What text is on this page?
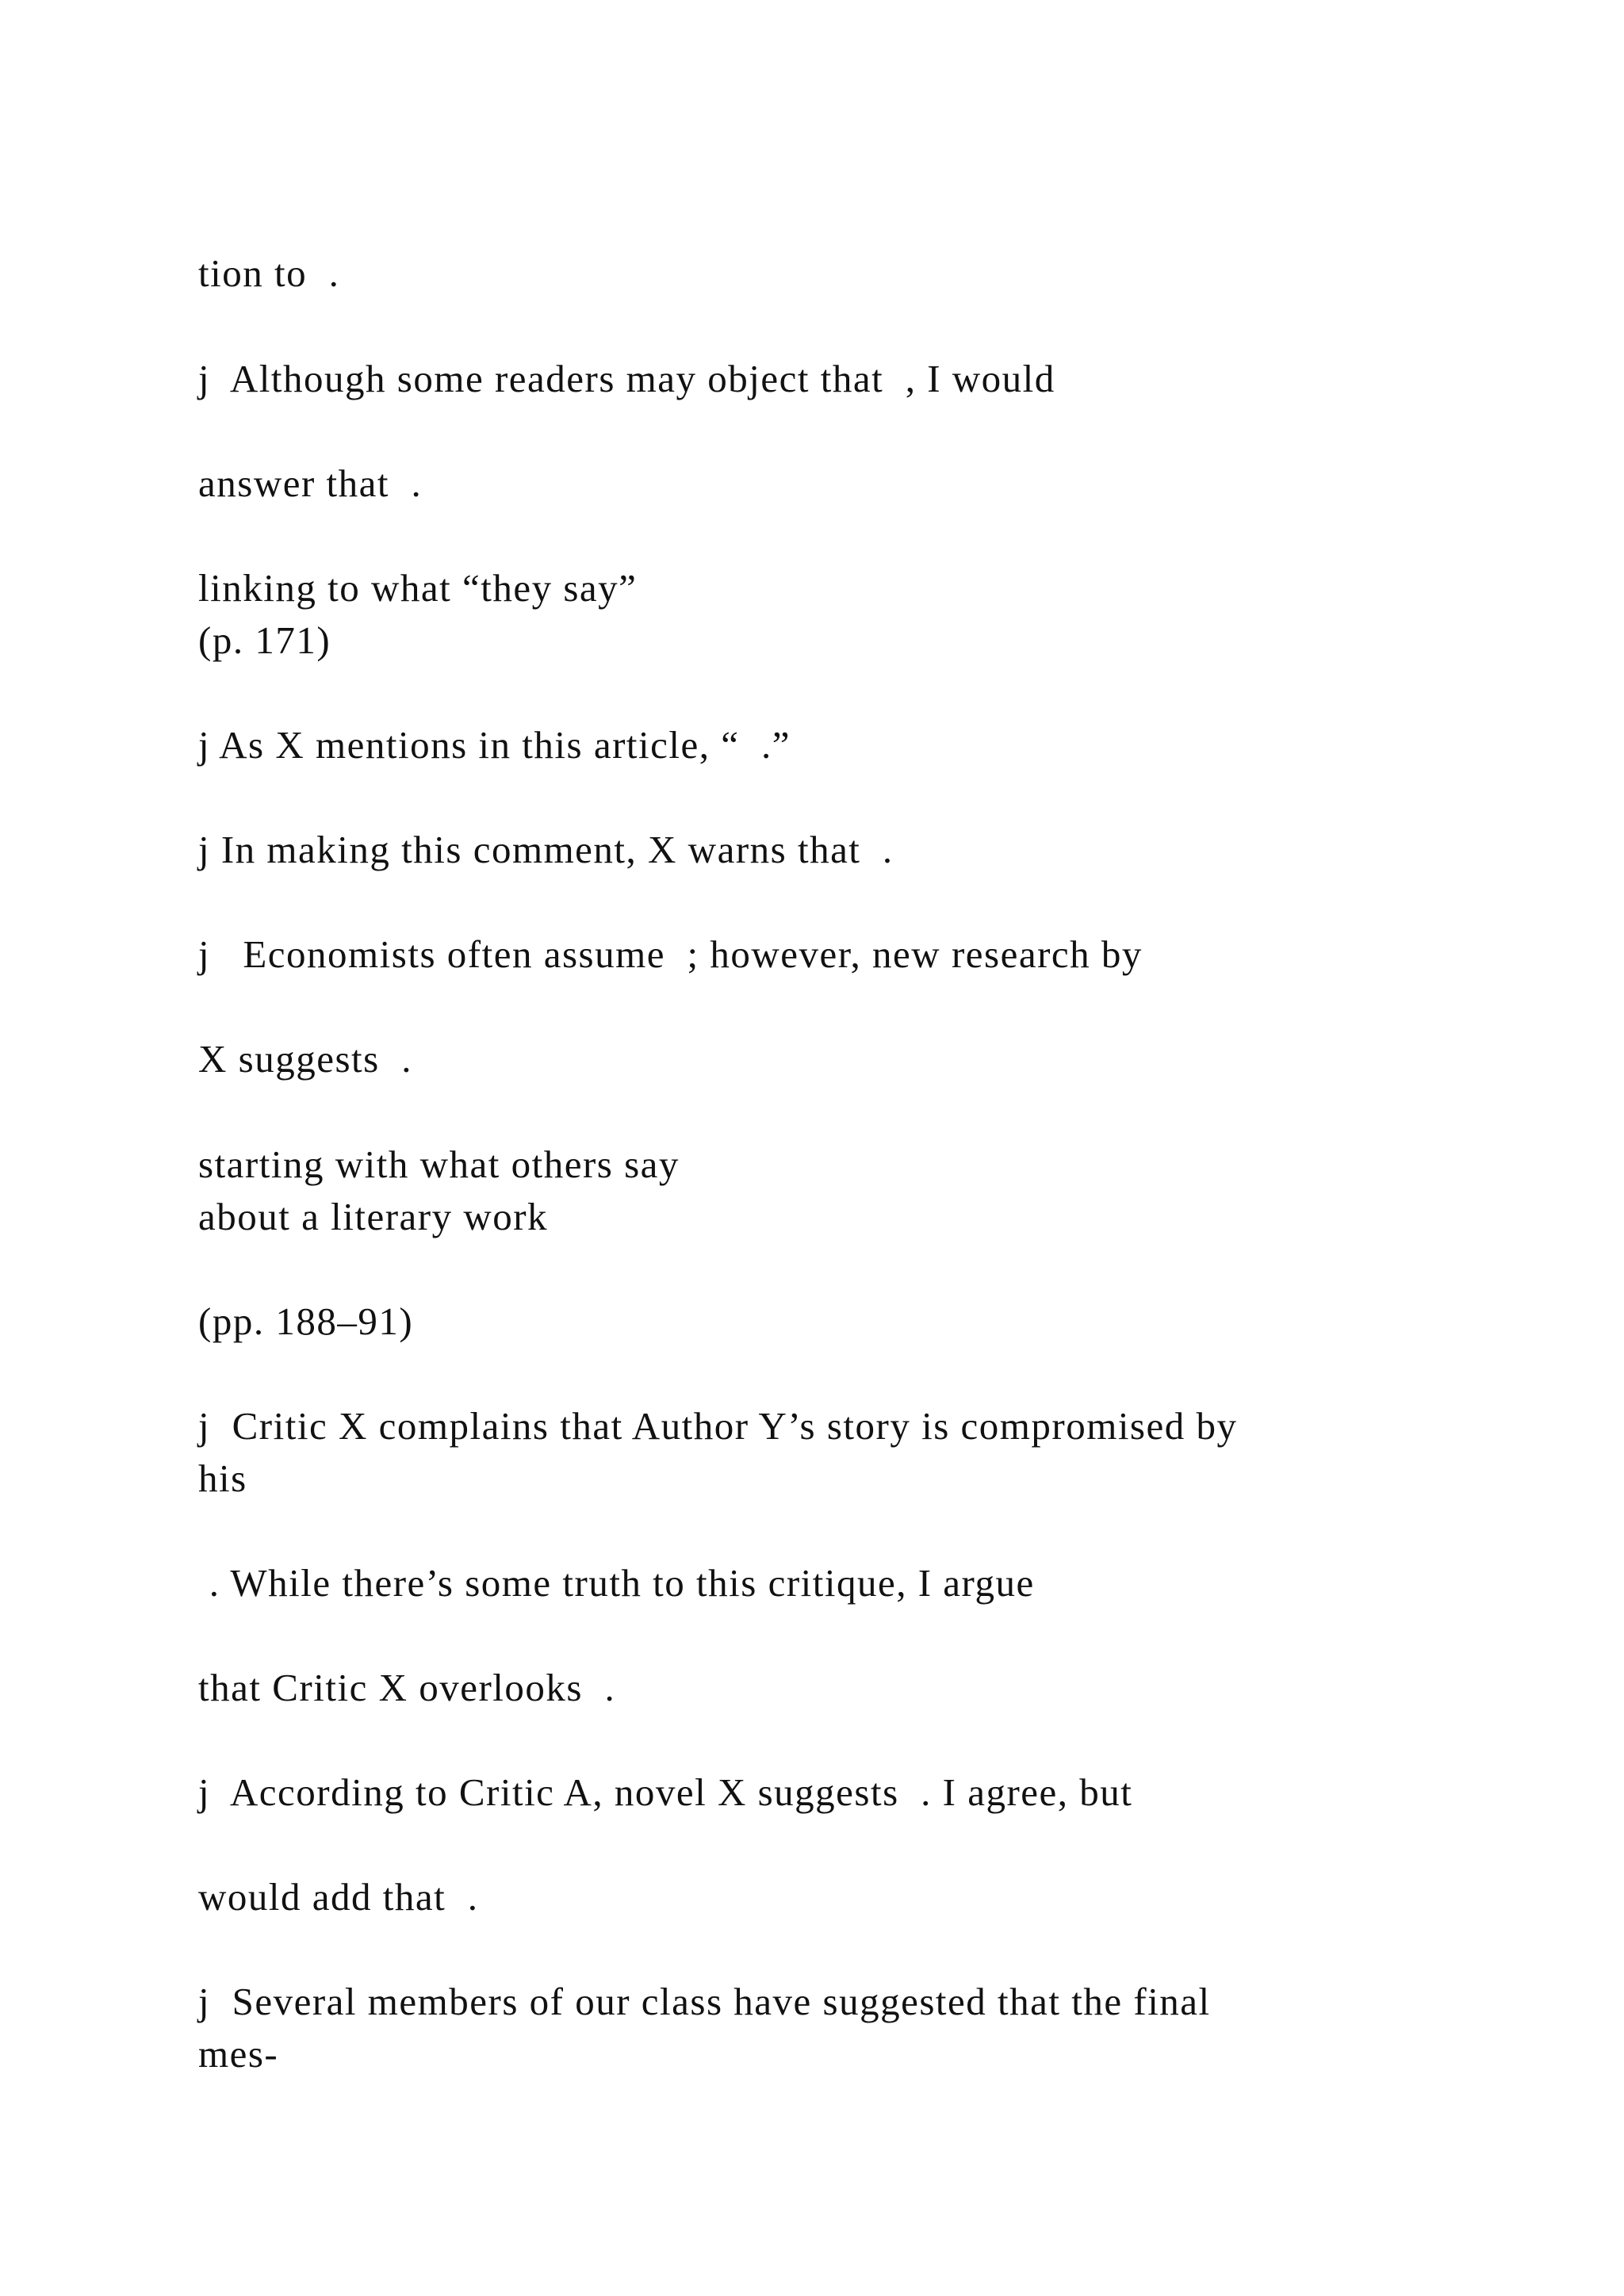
tion to  .

j  Although some readers may object that  , I would

answer that  .

linking to what “they say”

(p. 171)

j As X mentions in this article, “  .”

j In making this comment, X warns that  .

j   Economists often assume  ; however, new research by

X suggests  .

starting with what others say

about a literary work

(pp. 188–91)

j  Critic X complains that Author Y’s story is compromised by

his

. While there’s some truth to this critique, I argue

that Critic X overlooks  .

j  According to Critic A, novel X suggests  . I agree, but

would add that  .

j  Several members of our class have suggested that the final

mes-
